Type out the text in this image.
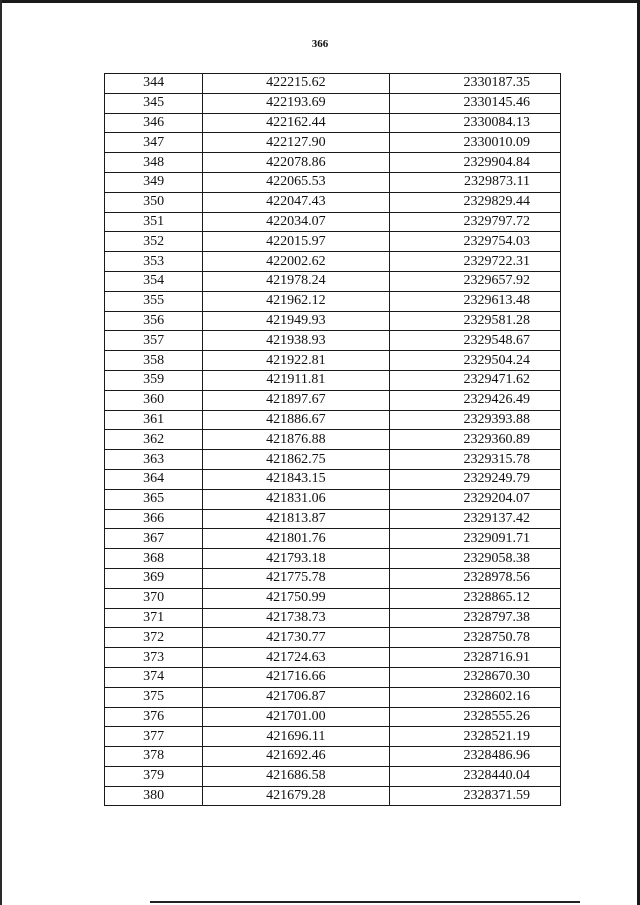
366
344	422215.62	2330187.35
345	422193.69	2330145.46
346	422162.44	2330084.13
347	422127.90	2330010.09
348	422078.86	2329904.84
349	422065.53	2329873.11
350	422047.43	2329829.44
351	422034.07	2329797.72
352	422015.97	2329754.03
353	422002.62	2329722.31
354	421978.24	2329657.92
355	421962.12	2329613.48
356	421949.93	2329581.28
357	421938.93	2329548.67
358	421922.81	2329504.24
359	421911.81	2329471.62
360	421897.67	2329426.49
361	421886.67	2329393.88
362	421876.88	2329360.89
363	421862.75	2329315.78
364	421843.15	2329249.79
365	421831.06	2329204.07
366	421813.87	2329137.42
367	421801.76	2329091.71
368	421793.18	2329058.38
369	421775.78	2328978.56
370	421750.99	2328865.12
371	421738.73	2328797.38
372	421730.77	2328750.78
373	421724.63	2328716.91
374	421716.66	2328670.30
375	421706.87	2328602.16
376	421701.00	2328555.26
377	421696.11	2328521.19
378	421692.46	2328486.96
379	421686.58	2328440.04
380	421679.28	2328371.59
